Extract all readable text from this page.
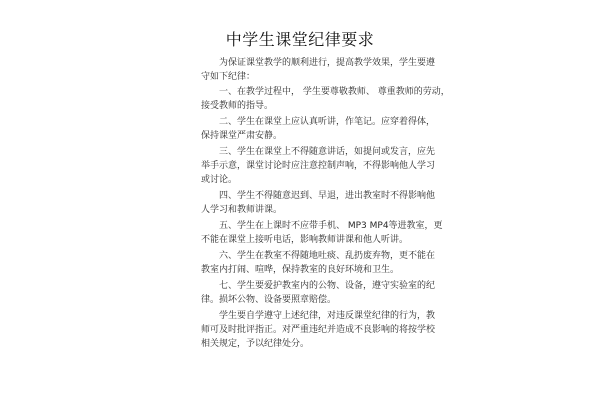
中学生课堂纪律要求
为保证课堂教学的顺利进行，提高教学效果，学生要遵
守如下纪律：
一、在教学过程中， 学生要尊敬教师、 尊重教师的劳动，
接受教师的指导。
二、学生在课堂上应认真听讲，作笔记。应穿着得体，
保持课堂严肃安静。
三、学生在课堂上不得随意讲话，如提问或发言，应先
举手示意，课堂讨论时应注意控制声响，不得影响他人学习
或讨论。
四、学生不得随意迟到、早退，进出教室时不得影响他
人学习和教师讲课。
五、学生在上课时不应带手机、 MP3 MP4等进教室，更
不能在课堂上接听电话，影响教师讲课和他人听讲。
六、学生在教室不得随地吐痰、乱扔废弃物，更不能在
教室内打闹、喧哗，保持教室的良好环境和卫生。
七、学生要爱护教室内的公物、设备，遵守实验室的纪
律。损坏公物、设备要照章赔偿。
学生要自学遵守上述纪律，对违反课堂纪律的行为，教
师可及时批评指正。对严重违纪并造成不良影响的将按学校
相关规定，予以纪律处分。
